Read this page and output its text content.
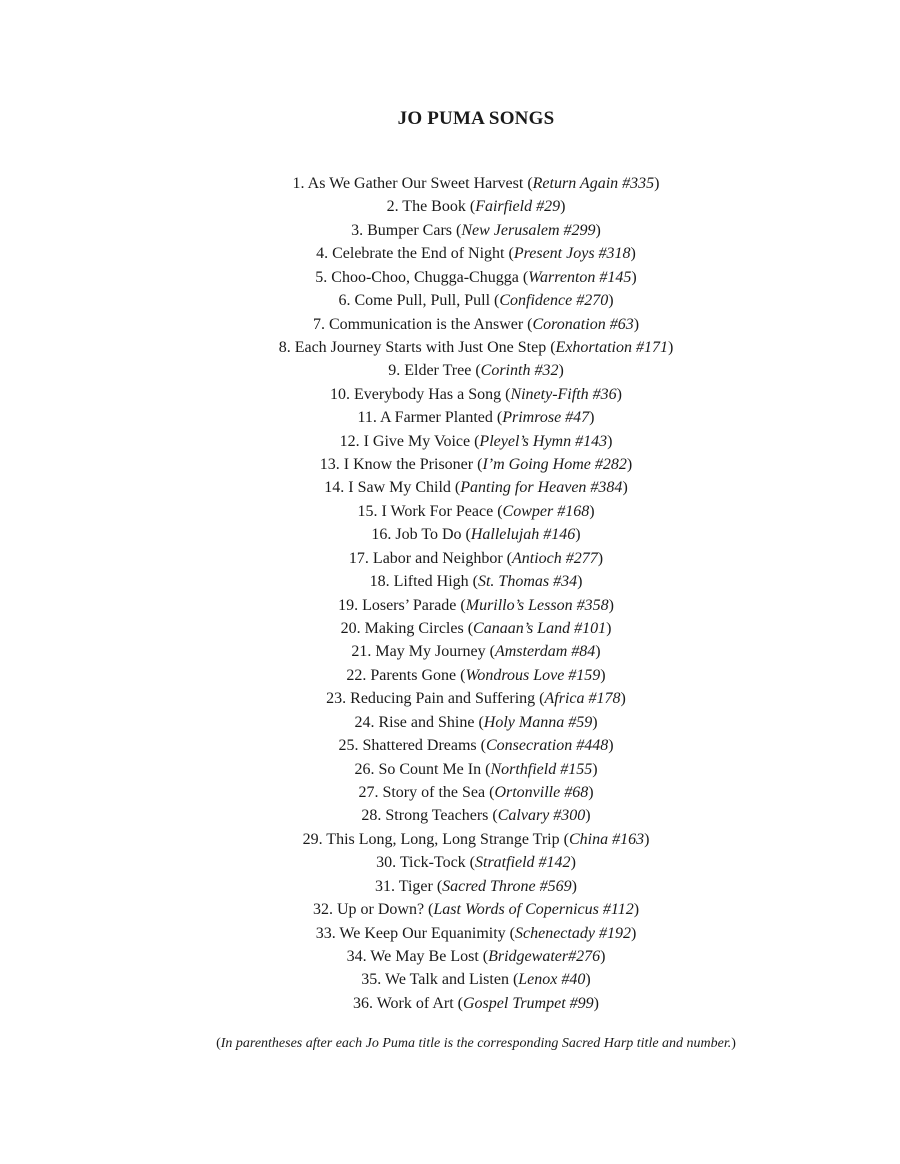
JO PUMA SONGS
1. As We Gather Our Sweet Harvest (Return Again #335)
2. The Book (Fairfield #29)
3. Bumper Cars (New Jerusalem #299)
4. Celebrate the End of Night (Present Joys #318)
5. Choo-Choo, Chugga-Chugga (Warrenton #145)
6. Come Pull, Pull, Pull (Confidence #270)
7. Communication is the Answer (Coronation #63)
8. Each Journey Starts with Just One Step (Exhortation #171)
9. Elder Tree (Corinth #32)
10. Everybody Has a Song (Ninety-Fifth #36)
11. A Farmer Planted (Primrose #47)
12. I Give My Voice (Pleyel’s Hymn #143)
13. I Know the Prisoner (I’m Going Home #282)
14. I Saw My Child (Panting for Heaven #384)
15. I Work For Peace (Cowper #168)
16. Job To Do (Hallelujah #146)
17. Labor and Neighbor (Antioch #277)
18. Lifted High (St. Thomas #34)
19. Losers’ Parade (Murillo’s Lesson #358)
20. Making Circles (Canaan’s Land #101)
21. May My Journey (Amsterdam #84)
22. Parents Gone (Wondrous Love #159)
23. Reducing Pain and Suffering (Africa #178)
24. Rise and Shine (Holy Manna #59)
25. Shattered Dreams (Consecration #448)
26. So Count Me In (Northfield #155)
27. Story of the Sea (Ortonville #68)
28. Strong Teachers (Calvary #300)
29. This Long, Long, Long Strange Trip (China #163)
30. Tick-Tock (Stratfield #142)
31. Tiger (Sacred Throne #569)
32. Up or Down? (Last Words of Copernicus #112)
33. We Keep Our Equanimity (Schenectady #192)
34. We May Be Lost (Bridgewater#276)
35. We Talk and Listen (Lenox #40)
36. Work of Art (Gospel Trumpet #99)

(In parentheses after each Jo Puma title is the corresponding Sacred Harp title and number.)
